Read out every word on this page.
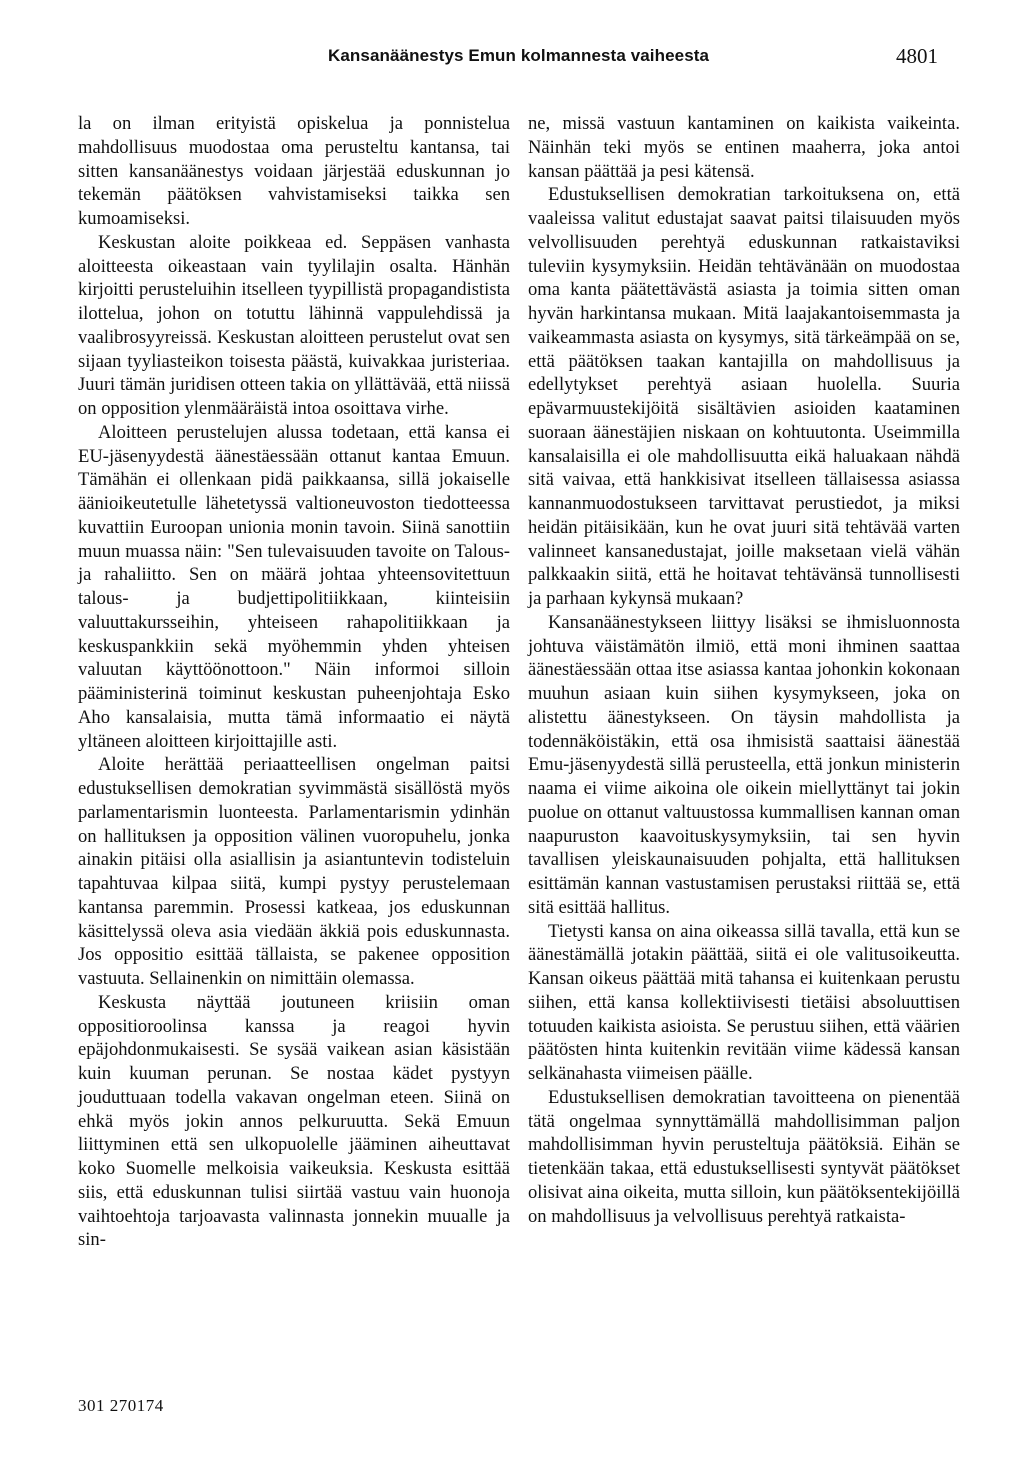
Kansanäänestys Emun kolmannesta vaiheesta	4801

la on ilman erityistä opiskelua ja ponnistelua mahdollisuus muodostaa oma perusteltu kantansa, tai sitten kansanäänestys voidaan järjestää eduskunnan jo tekemän päätöksen vahvistamiseksi taikka sen kumoamiseksi.

Keskustan aloite poikkeaa ed. Seppäsen vanhasta aloitteesta oikeastaan vain tyylilajin osalta. Hänhän kirjoitti perusteluihin itselleen tyypillistä propagandistista ilottelua, johon on totuttu lähinnä vappulehdissä ja vaalibrosyyreissä. Keskustan aloitteen perustelut ovat sen sijaan tyyliasteikon toisesta päästä, kuivakkaa juristeriaa. Juuri tämän juridisen otteen takia on yllättävää, että niissä on opposition ylenmääräistä intoa osoittava virhe.

Aloitteen perustelujen alussa todetaan, että kansa ei EU-jäsenyydestä äänestäessään ottanut kantaa Emuun. Tämähän ei ollenkaan pidä paikkaansa, sillä jokaiselle äänioikeutetulle lähetetyssä valtioneuvoston tiedotteessa kuvattiin Euroopan unionia monin tavoin. Siinä sanottiin muun muassa näin: "Sen tulevaisuuden tavoite on Talous- ja rahaliitto. Sen on määrä johtaa yhteensovitettuun talous- ja budjettipolitiikkaan, kiinteisiin valuuttakursseihin, yhteiseen rahapolitiikkaan ja keskuspankkiin sekä myöhemmin yhden yhteisen valuutan käyttöönottoon." Näin informoi silloin pääministerinä toiminut keskustan puheenjohtaja Esko Aho kansalaisia, mutta tämä informaatio ei näytä yltäneen aloitteen kirjoittajille asti.

Aloite herättää periaatteellisen ongelman paitsi edustuksellisen demokratian syvimmästä sisällöstä myös parlamentarismin luonteesta. Parlamentarismin ydinhän on hallituksen ja opposition välinen vuoropuhelu, jonka ainakin pitäisi olla asiallisin ja asiantuntevin todisteluin tapahtuvaa kilpaa siitä, kumpi pystyy perustelemaan kantansa paremmin. Prosessi katkeaa, jos eduskunnan käsittelyssä oleva asia viedään äkkiä pois eduskunnasta. Jos oppositio esittää tällaista, se pakenee opposition vastuuta. Sellainenkin on nimittäin olemassa.

Keskusta näyttää joutuneen kriisiin oman oppositioroolinsa kanssa ja reagoi hyvin epäjohdonmukaisesti. Se sysää vaikean asian käsistään kuin kuuman perunan. Se nostaa kädet pystyyn jouduttuaan todella vakavan ongelman eteen. Siinä on ehkä myös jokin annos pelkuruutta. Sekä Emuun liittyminen että sen ulkopuolelle jääminen aiheuttavat koko Suomelle melkoisia vaikeuksia. Keskusta esittää siis, että eduskunnan tulisi siirtää vastuu vain huonoja vaihtoehtoja tarjoavasta valinnasta jonnekin muualle ja sin-

ne, missä vastuun kantaminen on kaikista vaikeinta. Näinhän teki myös se entinen maaherra, joka antoi kansan päättää ja pesi kätensä.

Edustuksellisen demokratian tarkoituksena on, että vaaleissa valitut edustajat saavat paitsi tilaisuuden myös velvollisuuden perehtyä eduskunnan ratkaistaviksi tuleviin kysymyksiin. Heidän tehtävänään on muodostaa oma kanta päätettävästä asiasta ja toimia sitten oman hyvän harkintansa mukaan. Mitä laajakantoisemmasta ja vaikeammasta asiasta on kysymys, sitä tärkeämpää on se, että päätöksen taakan kantajilla on mahdollisuus ja edellytykset perehtyä asiaan huolella. Suuria epävarmuustekijöitä sisältävien asioiden kaataminen suoraan äänestäjien niskaan on kohtuutonta. Useimmilla kansalaisilla ei ole mahdollisuutta eikä haluakaan nähdä sitä vaivaa, että hankkisivat itselleen tällaisessa asiassa kannanmuodostukseen tarvittavat perustiedot, ja miksi heidän pitäisikään, kun he ovat juuri sitä tehtävää varten valinneet kansanedustajat, joille maksetaan vielä vähän palkkaakin siitä, että he hoitavat tehtävänsä tunnollisesti ja parhaan kykynsä mukaan?

Kansanäänestykseen liittyy lisäksi se ihmisluonnosta johtuva väistämätön ilmiö, että moni ihminen saattaa äänestäessään ottaa itse asiassa kantaa johonkin kokonaan muuhun asiaan kuin siihen kysymykseen, joka on alistettu äänestykseen. On täysin mahdollista ja todennäköistäkin, että osa ihmisistä saattaisi äänestää Emu-jäsenyydestä sillä perusteella, että jonkun ministerin naama ei viime aikoina ole oikein miellyttänyt tai jokin puolue on ottanut valtuustossa kummallisen kannan oman naapuruston kaavoituskysymyksiin, tai sen hyvin tavallisen yleiskaunaisuuden pohjalta, että hallituksen esittämän kannan vastustamisen perustaksi riittää se, että sitä esittää hallitus.

Tietysti kansa on aina oikeassa sillä tavalla, että kun se äänestämällä jotakin päättää, siitä ei ole valitusoikeutta. Kansan oikeus päättää mitä tahansa ei kuitenkaan perustu siihen, että kansa kollektiivisesti tietäisi absoluuttisen totuuden kaikista asioista. Se perustuu siihen, että väärien päätösten hinta kuitenkin revitään viime kädessä kansan selkänahasta viimeisen päälle.

Edustuksellisen demokratian tavoitteena on pienentää tätä ongelmaa synnyttämällä mahdollisimman paljon mahdollisimman hyvin perusteltuja päätöksiä. Eihän se tietenkään takaa, että edustuksellisesti syntyvät päätökset olisivat aina oikeita, mutta silloin, kun päätöksentekijöillä on mahdollisuus ja velvollisuus perehtyä ratkaista-

301 270174
